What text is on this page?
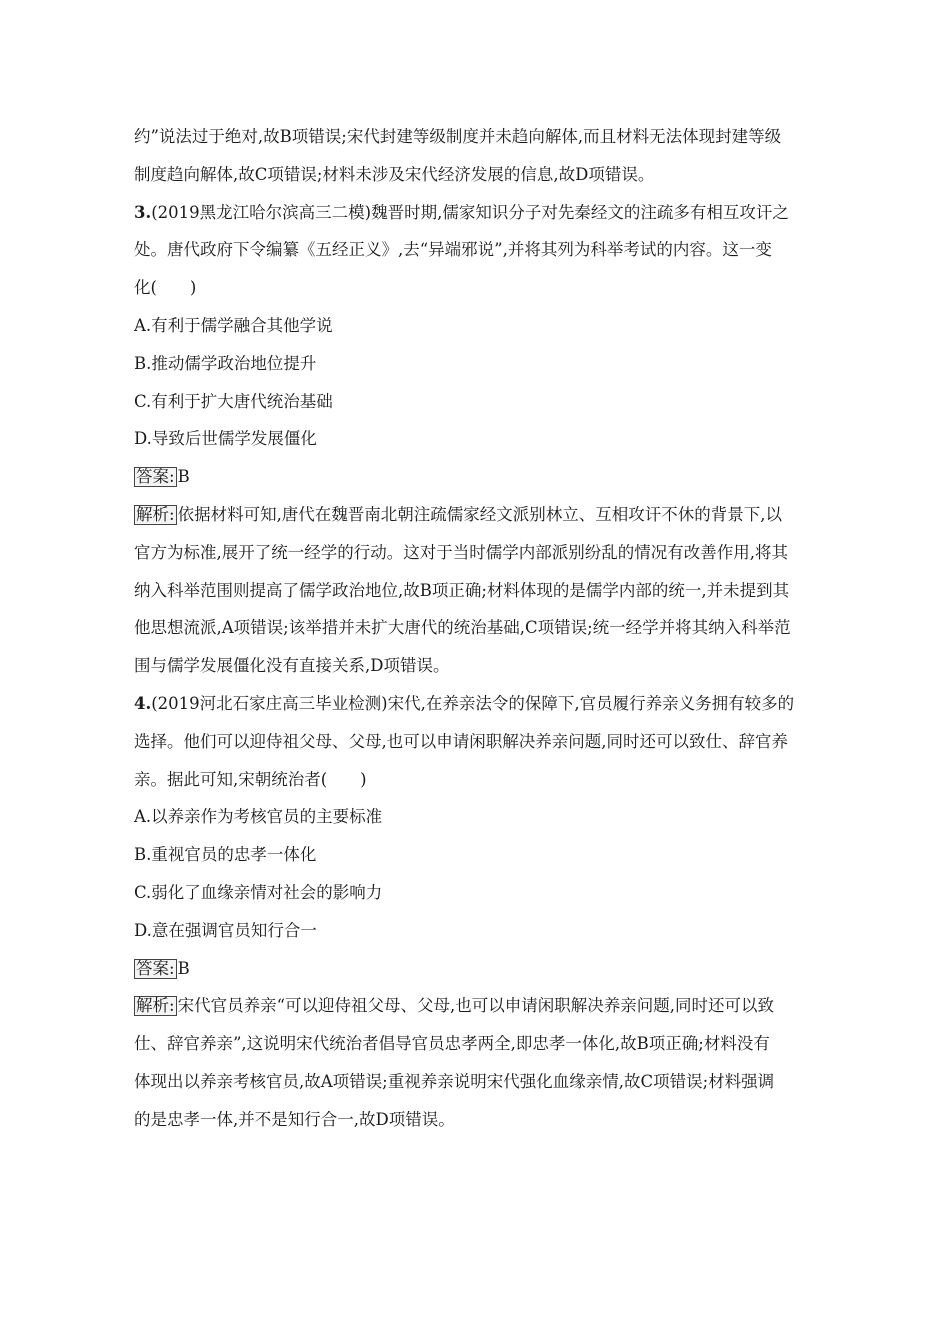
约”说法过于绝对,故B项错误;宋代封建等级制度并未趋向解体,而且材料无法体现封建等级
制度趋向解体,故C项错误;材料未涉及宋代经济发展的信息,故D项错误。
3.(2019黑龙江哈尔滨高三二模)魏晋时期,儒家知识分子对先秦经文的注疏多有相互攻讦之
处。唐代政府下令编纂《五经正义》,去“异端邪说”,并将其列为科举考试的内容。这一变
化(　　)
A.有利于儒学融合其他学说
B.推动儒学政治地位提升
C.有利于扩大唐代统治基础
D.导致后世儒学发展僵化
答案: B
解析: 依据材料可知,唐代在魏晋南北朝注疏儒家经文派别林立、互相攻讦不休的背景下,以
官方为标准,展开了统一经学的行动。这对于当时儒学内部派别纷乱的情况有改善作用,将其
纳入科举范围则提高了儒学政治地位,故B项正确;材料体现的是儒学内部的统一,并未提到其
他思想流派,A项错误;该举措并未扩大唐代的统治基础,C项错误;统一经学并将其纳入科举范
围与儒学发展僵化没有直接关系,D项错误。
4.(2019河北石家庄高三毕业检测)宋代,在养亲法令的保障下,官员履行养亲义务拥有较多的
选择。他们可以迎侍祖父母、父母,也可以申请闲职解决养亲问题,同时还可以致仕、辞官养
亲。据此可知,宋朝统治者(　　)
A.以养亲作为考核官员的主要标准
B.重视官员的忠孝一体化
C.弱化了血缘亲情对社会的影响力
D.意在强调官员知行合一
答案: B
解析: 宋代官员养亲“可以迎侍祖父母、父母,也可以申请闲职解决养亲问题,同时还可以致
仕、辞官养亲”,这说明宋代统治者倡导官员忠孝两全,即忠孝一体化,故B项正确;材料没有
体现出以养亲考核官员,故A项错误;重视养亲说明宋代强化血缘亲情,故C项错误;材料强调
的是忠孝一体,并不是知行合一,故D项错误。
